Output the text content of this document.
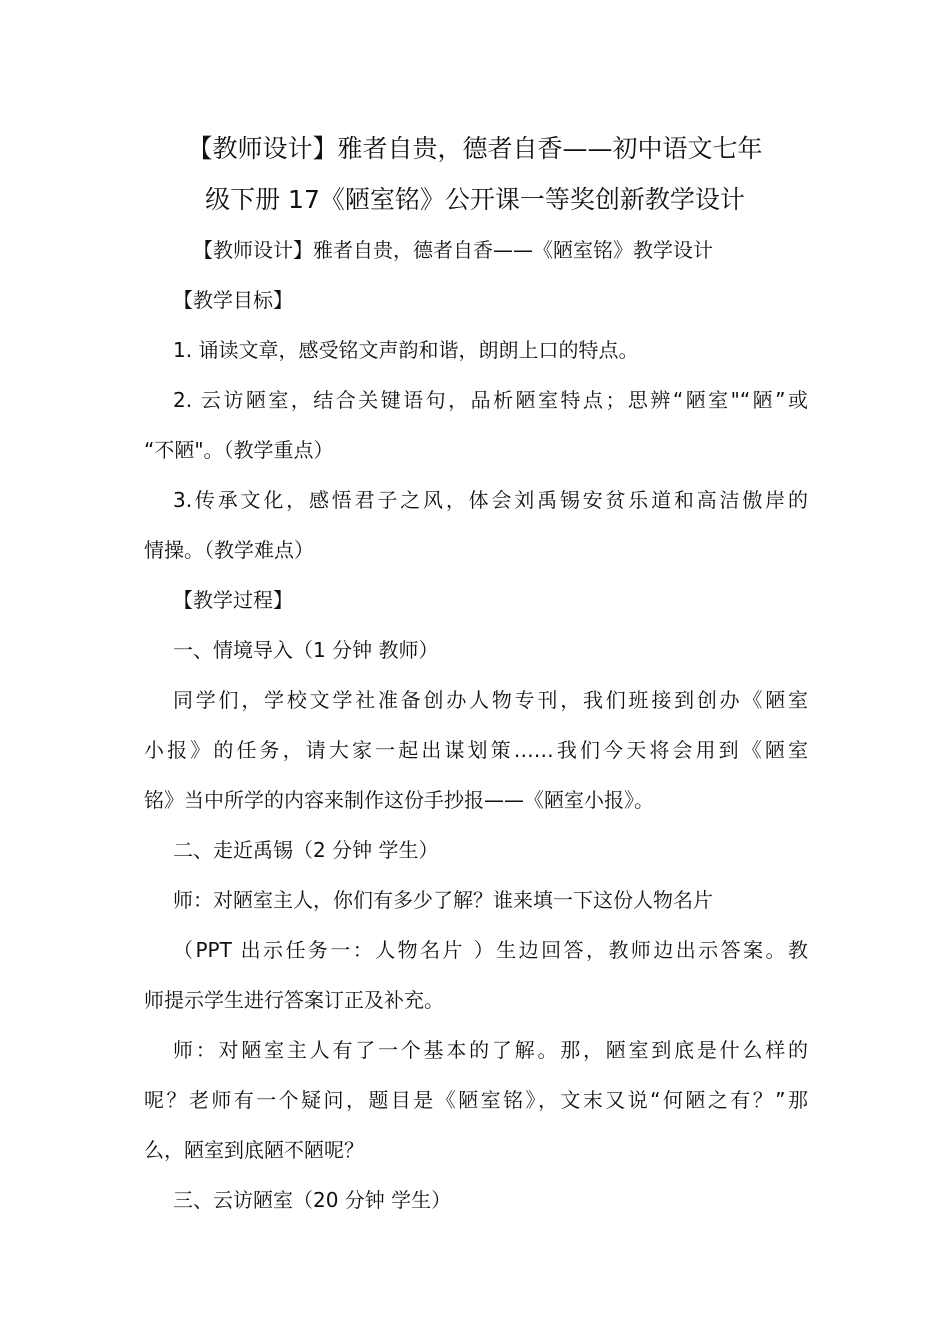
【教师设计】雅者自贵，德者自香——初中语文七年
级下册 17《陋室铭》公开课一等奖创新教学设计
【教师设计】雅者自贵，德者自香——《陋室铭》教学设计
【教学目标】
1. 诵读文章，感受铭文声韵和谐，朗朗上口的特点。
2. 云访陋室，结合关键语句，品析陋室特点；思辨“陋室"“陋”或
“不陋"。（教学重点）
3.传承文化，感悟君子之风，体会刘禹锡安贫乐道和高洁傲岸的
情操。（教学难点）
【教学过程】
一、情境导入（1 分钟 教师）
同学们，学校文学社准备创办人物专刊，我们班接到创办《陋室
小报》的任务，请大家一起出谋划策……我们今天将会用到《陋室
铭》当中所学的内容来制作这份手抄报——《陋室小报》。
二、走近禹锡（2 分钟 学生）
师：对陋室主人，你们有多少了解？谁来填一下这份人物名片
（PPT 出示任务一：人物名片 ）生边回答，教师边出示答案。教
师提示学生进行答案订正及补充。
师：对陋室主人有了一个基本的了解。那，陋室到底是什么样的
呢？老师有一个疑问，题目是《陋室铭》，文末又说“何陋之有？”那
么，陋室到底陋不陋呢？
三、云访陋室（20 分钟 学生）
